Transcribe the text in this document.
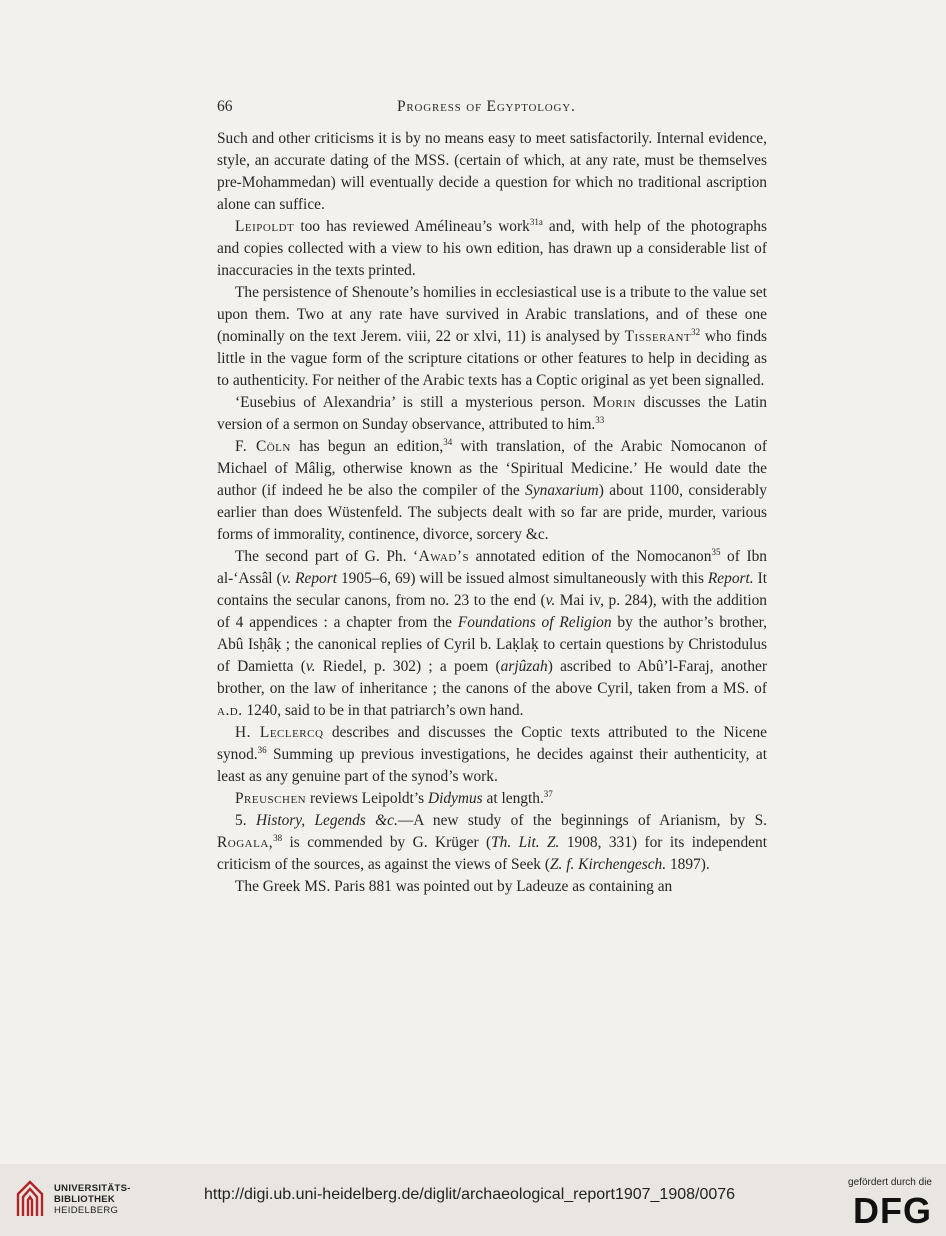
66	Progress of Egyptology.

Such and other criticisms it is by no means easy to meet satisfactorily. Internal evidence, style, an accurate dating of the MSS. (certain of which, at any rate, must be themselves pre-Mohammedan) will eventually decide a question for which no traditional ascription alone can suffice.

Leipoldt too has reviewed Amélineau’s work$^{31a}$ and, with help of the photographs and copies collected with a view to his own edition, has drawn up a considerable list of inaccuracies in the texts printed.

The persistence of Shenoute’s homilies in ecclesiastical use is a tribute to the value set upon them. Two at any rate have survived in Arabic translations, and of these one (nominally on the text Jerem. viii, 22 or xlvi, 11) is analysed by Tisserant$^{32}$ who finds little in the vague form of the scripture citations or other features to help in deciding as to authenticity. For neither of the Arabic texts has a Coptic original as yet been signalled.

‘Eusebius of Alexandria’ is still a mysterious person. Morin discusses the Latin version of a sermon on Sunday observance, attributed to him.$^{33}$

F. Cöln has begun an edition,$^{34}$ with translation, of the Arabic Nomocanon of Michael of Mâlig, otherwise known as the ‘Spiritual Medicine.’ He would date the author (if indeed he be also the compiler of the Synaxarium) about 1100, considerably earlier than does Wüstenfeld. The subjects dealt with so far are pride, murder, various forms of immorality, continence, divorce, sorcery &c.

The second part of G. Ph. ‘Awad’s annotated edition of the Nomocanon$^{35}$ of Ibn al-‘Assâl (v. Report 1905–6, 69) will be issued almost simultaneously with this Report. It contains the secular canons, from no. 23 to the end (v. Mai iv, p. 284), with the addition of 4 appendices : a chapter from the Foundations of Religion by the author’s brother, Abû Isḥâḳ ; the canonical replies of Cyril b. Laḳlaḳ to certain questions by Christodulus of Damietta (v. Riedel, p. 302) ; a poem (arjûzah) ascribed to Abû’l-Faraj, another brother, on the law of inheritance ; the canons of the above Cyril, taken from a MS. of a.d. 1240, said to be in that patriarch’s own hand.

H. Leclercq describes and discusses the Coptic texts attributed to the Nicene synod.$^{36}$ Summing up previous investigations, he decides against their authenticity, at least as any genuine part of the synod’s work.

Preuschen reviews Leipoldt’s Didymus at length.$^{37}$

5. History, Legends &c.—A new study of the beginnings of Arianism, by S. Rogala,$^{38}$ is commended by G. Krüger (Th. Lit. Z. 1908, 331) for its independent criticism of the sources, as against the views of Seek (Z. f. Kirchengesch. 1897).

The Greek MS. Paris 881 was pointed out by Ladeuze as containing an

UNIVERSITÄTS-
BIBLIOTHEK
HEIDELBERG
http://digi.ub.uni-heidelberg.de/diglit/archaeological_report1907_1908/0076
gefördert durch die
DFG
